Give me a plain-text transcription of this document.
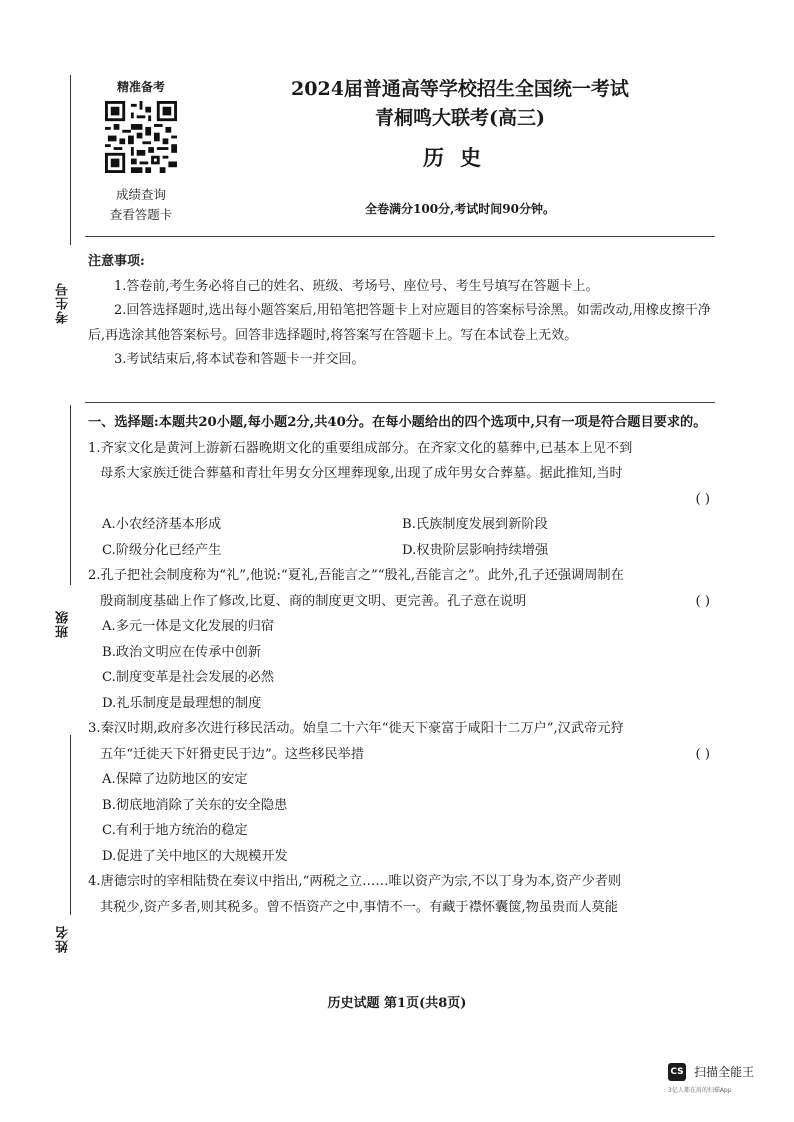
考生号
班级
姓名
精准备考
成绩查询
查看答题卡
2024届普通高等学校招生全国统一考试
青桐鸣大联考(高三)
历史
全卷满分100分,考试时间90分钟。
注意事项:

1.答卷前,考生务必将自己的姓名、班级、考场号、座位号、考生号填写在答题卡上。

2.回答选择题时,选出每小题答案后,用铅笔把答题卡上对应题目的答案标号涂黑。如需改动,用橡皮擦干净后,再选涂其他答案标号。回答非选择题时,将答案写在答题卡上。写在本试卷上无效。

3.考试结束后,将本试卷和答题卡一并交回。

一、选择题:本题共20小题,每小题2分,共40分。在每小题给出的四个选项中,只有一项是符合题目要求的。

1.齐家文化是黄河上游新石器晚期文化的重要组成部分。在齐家文化的墓葬中,已基本上见不到
母系大家族迁徙合葬墓和青壮年男女分区埋葬现象,出现了成年男女合葬墓。据此推知,当时
( )
A.小农经济基本形成	B.氏族制度发展到新阶段
C.阶级分化已经产生	D.权贵阶层影响持续增强
2.孔子把社会制度称为“礼”,他说:“夏礼,吾能言之”“殷礼,吾能言之”。此外,孔子还强调周制在
( )
殷商制度基础上作了修改,比夏、商的制度更文明、更完善。孔子意在说明
A.多元一体是文化发展的归宿
B.政治文明应在传承中创新
C.制度变革是社会发展的必然
D.礼乐制度是最理想的制度
3.秦汉时期,政府多次进行移民活动。始皇二十六年“徙天下豪富于咸阳十二万户”,汉武帝元狩
( )
五年“迁徙天下奸猾吏民于边”。这些移民举措
A.保障了边防地区的安定
B.彻底地消除了关东的安全隐患
C.有利于地方统治的稳定
D.促进了关中地区的大规模开发
4.唐德宗时的宰相陆贽在奏议中指出,“两税之立……唯以资产为宗,不以丁身为本,资产少者则
其税少,资产多者,则其税多。曾不悟资产之中,事情不一。有藏于襟怀囊箧,物虽贵而人莫能
历史试题 第1页(共8页)
CS 扫描全能王
3亿人都在用的扫描App
